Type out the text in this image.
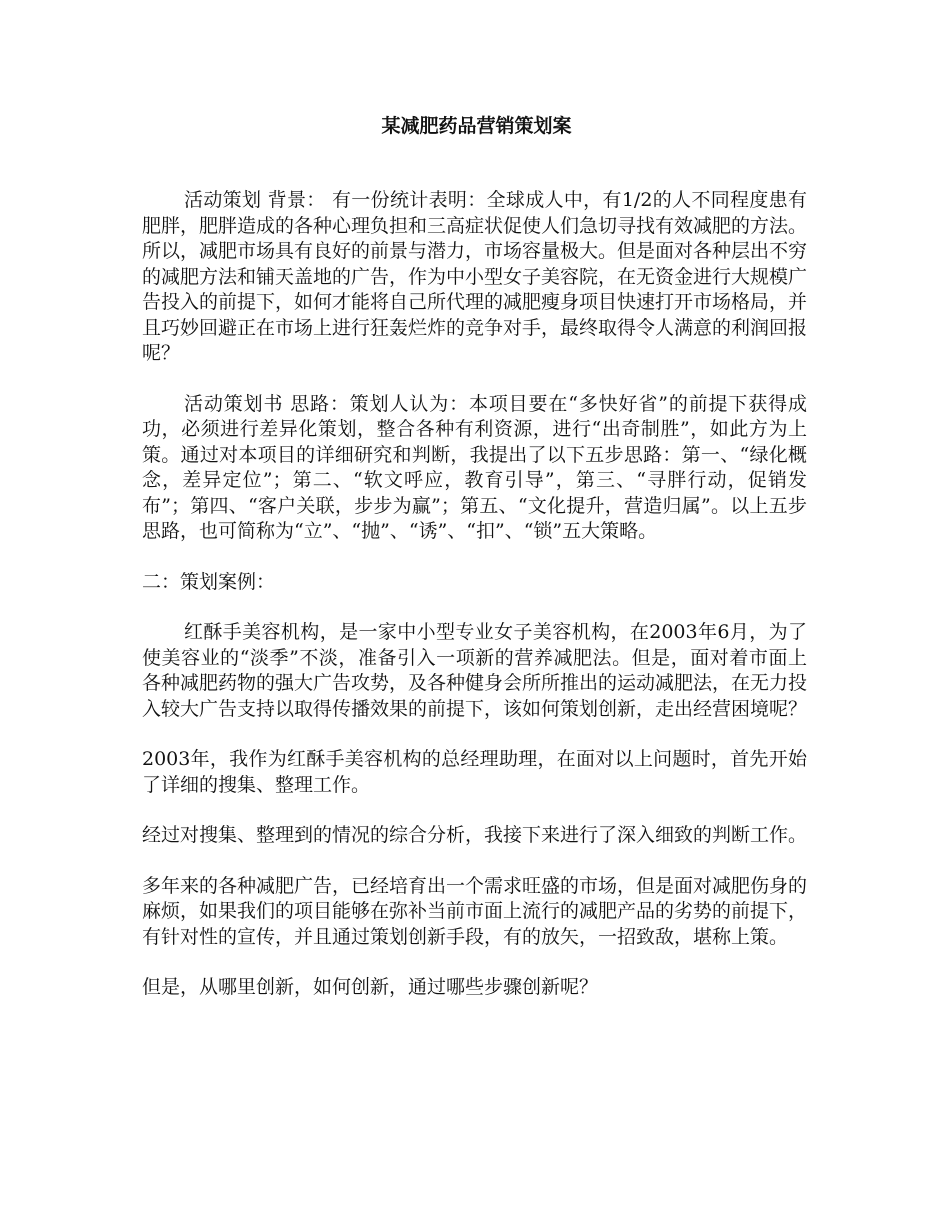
某减肥药品营销策划案

活动策划 背景： 有一份统计表明：全球成人中，有1/2的人不同程度患有肥胖，肥胖造成的各种心理负担和三高症状促使人们急切寻找有效减肥的方法。所以，减肥市场具有良好的前景与潜力，市场容量极大。但是面对各种层出不穷的减肥方法和铺天盖地的广告，作为中小型女子美容院，在无资金进行大规模广告投入的前提下，如何才能将自己所代理的减肥瘦身项目快速打开市场格局，并且巧妙回避正在市场上进行狂轰烂炸的竞争对手，最终取得令人满意的利润回报呢？

活动策划书 思路：策划人认为：本项目要在“多快好省”的前提下获得成功，必须进行差异化策划，整合各种有利资源，进行“出奇制胜”，如此方为上策。通过对本项目的详细研究和判断，我提出了以下五步思路：第一、“绿化概念，差异定位”；第二、“软文呼应，教育引导”，第三、“寻胖行动，促销发布”；第四、“客户关联，步步为赢”；第五、“文化提升，营造归属”。以上五步思路，也可简称为“立”、“抛”、“诱”、“扣”、“锁”五大策略。

二：策划案例：

红酥手美容机构，是一家中小型专业女子美容机构，在2003年6月，为了使美容业的“淡季”不淡，准备引入一项新的营养减肥法。但是，面对着市面上各种减肥药物的强大广告攻势，及各种健身会所所推出的运动减肥法，在无力投入较大广告支持以取得传播效果的前提下，该如何策划创新，走出经营困境呢？

2003年，我作为红酥手美容机构的总经理助理，在面对以上问题时，首先开始了详细的搜集、整理工作。

经过对搜集、整理到的情况的综合分析，我接下来进行了深入细致的判断工作。

多年来的各种减肥广告，已经培育出一个需求旺盛的市场，但是面对减肥伤身的麻烦，如果我们的项目能够在弥补当前市面上流行的减肥产品的劣势的前提下，有针对性的宣传，并且通过策划创新手段，有的放矢，一招致敌，堪称上策。

但是，从哪里创新，如何创新，通过哪些步骤创新呢？
